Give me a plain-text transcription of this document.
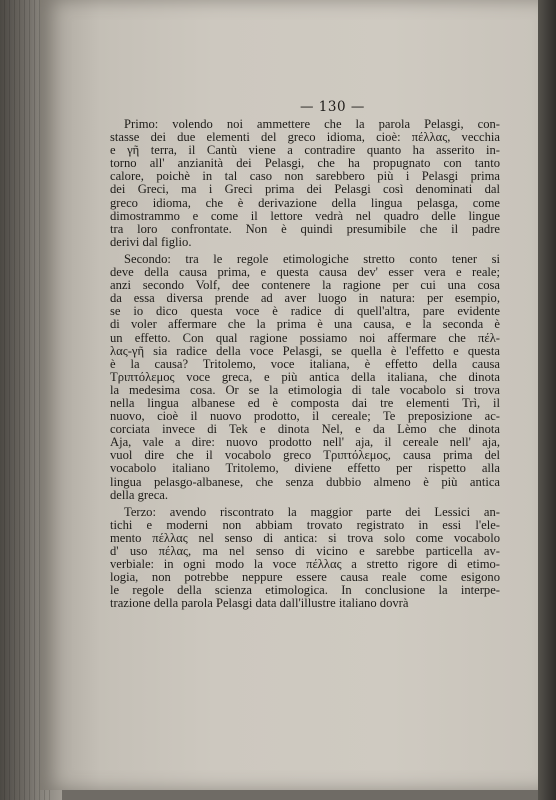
— 130 —
Primo: volendo noi ammettere che la parola Pelasgi, con-
stasse dei due elementi del greco idioma, cioè: πέλλας, vecchia
e γῆ terra, il Cantù viene a contradire quanto ha asserito in-
torno all' anzianità dei Pelasgi, che ha propugnato con tanto
calore, poichè in tal caso non sarebbero più i Pelasgi prima
dei Greci, ma i Greci prima dei Pelasgi così denominati dal
greco idioma, che è derivazione della lingua pelasga, come
dimostrammo e come il lettore vedrà nel quadro delle lingue
tra loro confrontate. Non è quindi presumibile che il padre
derivi dal figlio.
Secondo: tra le regole etimologiche stretto conto tener si
deve della causa prima, e questa causa dev' esser vera e reale;
anzi secondo Volf, dee contenere la ragione per cui una cosa
da essa diversa prende ad aver luogo in natura: per esempio,
se io dico questa voce è radice di quell'altra, pare evidente
di voler affermare che la prima è una causa, e la seconda è
un effetto. Con qual ragione possiamo noi affermare che πέλ-
λας-γῆ sia radice della voce Pelasgi, se quella è l'effetto e questa
è la causa? Tritolemo, voce italiana, è effetto della causa
Τριπτόλεμος voce greca, e più antica della italiana, che dinota
la medesima cosa. Or se la etimologia di tale vocabolo si trova
nella lingua albanese ed è composta dai tre elementi Trì, il
nuovo, cioè il nuovo prodotto, il cereale; Te preposizione ac-
corciata invece di Tek e dinota Nel, e da Lèmo che dinota
Aja, vale a dire: nuovo prodotto nell' aja, il cereale nell' aja,
vuol dire che il vocabolo greco Τριπτόλεμος, causa prima del
vocabolo italiano Tritolemo, diviene effetto per rispetto alla
lingua pelasgo-albanese, che senza dubbio almeno è più antica
della greca.
Terzo: avendo riscontrato la maggior parte dei Lessici an-
tichi e moderni non abbiam trovato registrato in essi l'ele-
mento πέλλας nel senso di antica: si trova solo come vocabolo
d' uso πέλας, ma nel senso di vicino e sarebbe particella av-
verbiale: in ogni modo la voce πέλλας a stretto rigore di etimo-
logia, non potrebbe neppure essere causa reale come esigono
le regole della scienza etimologica. In conclusione la interpe-
trazione della parola Pelasgi data dall'illustre italiano dovrà
